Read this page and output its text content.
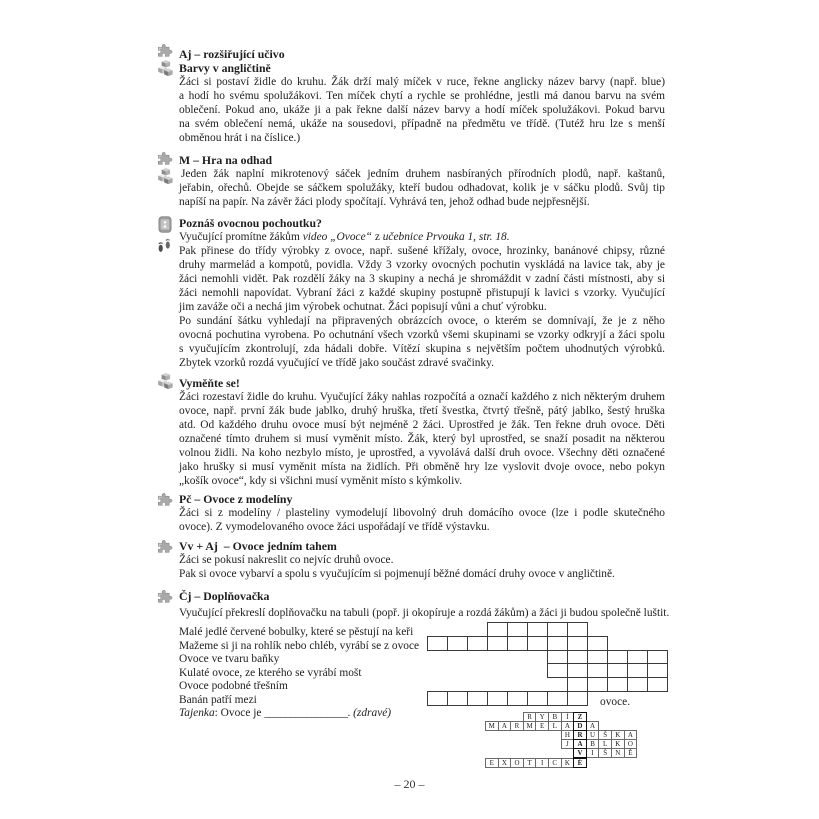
Aj – rozšiřující učivo
Barvy v angličtině
Žáci si postaví židle do kruhu. Žák drží malý míček v ruce, řekne anglicky název barvy (např. blue)
a hodí ho svému spolužákovi. Ten míček chytí a rychle se prohlédne, jestli má danou barvu na svém
oblečení. Pokud ano, ukáže ji a pak řekne další název barvy a hodí míček spolužákovi. Pokud barvu
na svém oblečení nemá, ukáže na sousedovi, případně na předmětu ve třídě. (Tutéž hru lze s menší
obměnou hrát i na číslice.)
M – Hra na odhad
Jeden žák naplní mikrotenový sáček jedním druhem nasbíraných přírodních plodů, např. kaštanů,
jeřabin, ořechů. Obejde se sáčkem spolužáky, kteří budou odhadovat, kolik je v sáčku plodů. Svůj tip
napíší na papír. Na závěr žáci plody spočítají. Vyhrává ten, jehož odhad bude nejpřesnější.
Poznáš ovocnou pochoutku?
Vyučující promítne žákům video „Ovoce“ z učebnice Prvouka 1, str. 18.
Pak přinese do třídy výrobky z ovoce, např. sušené křížaly, ovoce, hrozinky, banánové chipsy, různé
druhy marmelád a kompotů, povidla. Vždy 3 vzorky ovocných pochutin vyskládá na lavice tak, aby je
žáci nemohli vidět. Pak rozdělí žáky na 3 skupiny a nechá je shromáždit v zadní části místnosti, aby si
žáci nemohli napovídat. Vybraní žáci z každé skupiny postupně přistupují k lavici s vzorky. Vyučující
jim zaváže oči a nechá jim výrobek ochutnat. Žáci popisují vůni a chuť výrobku.
Po sundání šátku vyhledají na připravených obrázcích ovoce, o kterém se domnívají, že je z něho
ovocná pochutina vyrobena. Po ochutnání všech vzorků všemi skupinami se vzorky odkryjí a žáci spolu
s vyučujícím zkontrolují, zda hádali dobře. Vítězí skupina s největším počtem uhodnutých výrobků.
Zbytek vzorků rozdá vyučující ve třídě jako součást zdravé svačinky.
Vyměňte se!
Žáci rozestaví židle do kruhu. Vyučující žáky nahlas rozpočítá a označí každého z nich některým druhem
ovoce, např. první žák bude jablko, druhý hruška, třetí švestka, čtvrtý třešně, pátý jablko, šestý hruška
atd. Od každého druhu ovoce musí být nejméně 2 žáci. Uprostřed je žák. Ten řekne druh ovoce. Děti
označené tímto druhem si musí vyměnit místo. Žák, který byl uprostřed, se snaží posadit na některou
volnou židli. Na koho nezbylo místo, je uprostřed, a vyvolává další druh ovoce. Všechny děti označené
jako hrušky si musí vyměnit místa na židlích. Při obměně hry lze vyslovit dvoje ovoce, nebo pokyn
„košík ovoce“, kdy si všichni musí vyměnit místo s kýmkoliv.
Pč – Ovoce z modelíny
Žáci si z modelíny / plasteliny vymodelují libovolný druh domácího ovoce (lze i podle skutečného
ovoce). Z vymodelovaného ovoce žáci uspořádají ve třídě výstavku.
Vv + Aj  – Ovoce jedním tahem
Žáci se pokusí nakreslit co nejvíc druhů ovoce.
Pak si ovoce vybarví a spolu s vyučujícím si pojmenují běžné domácí druhy ovoce v angličtině.
Čj – Doplňovačka
Vyučující překreslí doplňovačku na tabuli (popř. ji okopíruje a rozdá žákům) a žáci ji budou společně luštit.
Malé jedlé červené bobulky, které se pěstují na keři
Mažeme si ji na rohlík nebo chléb, vyrábí se z ovoce
Ovoce ve tvaru baňky
Kulaté ovoce, ze kterého se vyrábí mošt
Ovoce podobné třešním
Banán patří mezi
Tajenka: Ovoce je ________________. (zdravé)
ovoce.
R	Y	B	Í	Z
M A	R	M	E	L	A	D	A
H	R	U	Š	K	A
J	A	B	L	K	O
V	I	Š	N	Ě
E	X	O	T	I	C	K	É
– 20 –
